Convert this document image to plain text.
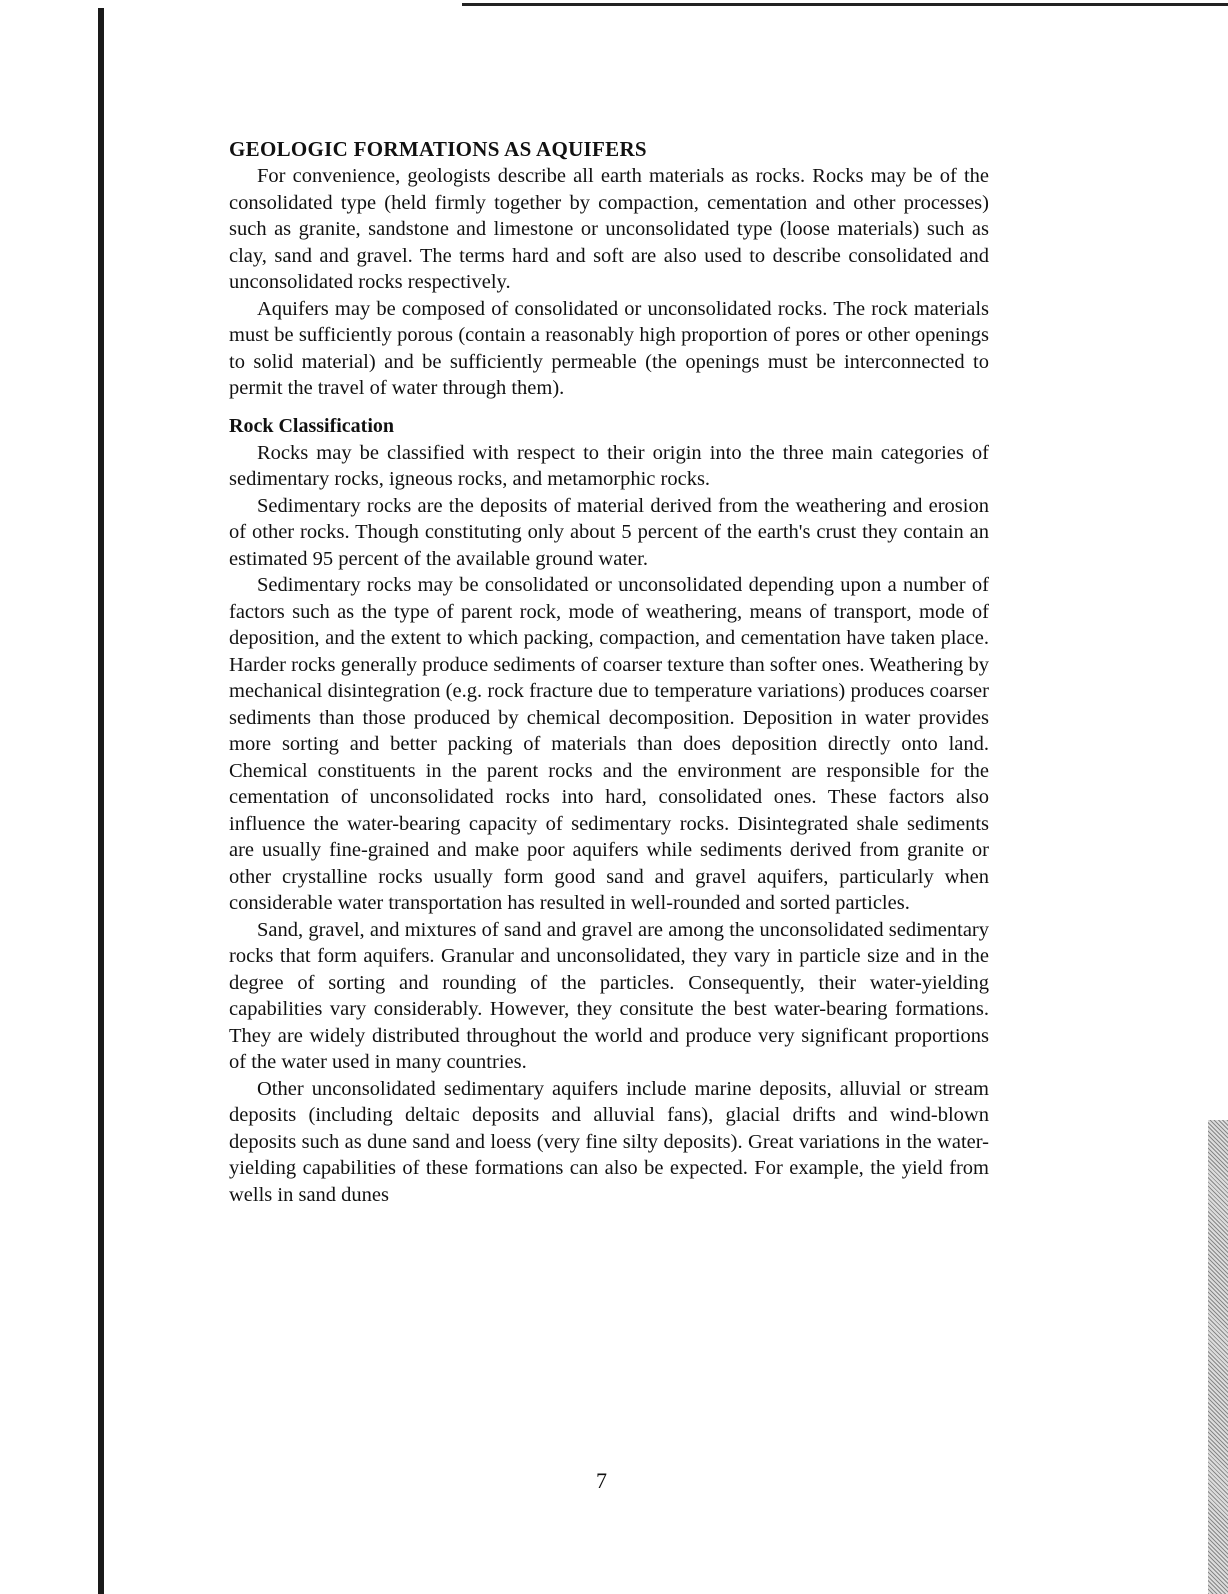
GEOLOGIC FORMATIONS AS AQUIFERS

For convenience, geologists describe all earth materials as rocks. Rocks may be of the consolidated type (held firmly together by compaction, cementation and other processes) such as granite, sandstone and limestone or unconsolidated type (loose materials) such as clay, sand and gravel. The terms hard and soft are also used to describe consolidated and unconsolidated rocks respectively.

Aquifers may be composed of consolidated or unconsolidated rocks. The rock materials must be sufficiently porous (contain a reasonably high proportion of pores or other openings to solid material) and be sufficiently permeable (the openings must be interconnected to permit the travel of water through them).

Rock Classification

Rocks may be classified with respect to their origin into the three main categories of sedimentary rocks, igneous rocks, and metamorphic rocks.

Sedimentary rocks are the deposits of material derived from the weathering and erosion of other rocks. Though constituting only about 5 percent of the earth's crust they contain an estimated 95 percent of the available ground water.

Sedimentary rocks may be consolidated or unconsolidated depending upon a number of factors such as the type of parent rock, mode of weathering, means of transport, mode of deposition, and the extent to which packing, compaction, and cementation have taken place. Harder rocks generally produce sediments of coarser texture than softer ones. Weathering by mechanical disintegration (e.g. rock fracture due to temperature variations) produces coarser sediments than those produced by chemical decomposition. Deposition in water provides more sorting and better packing of materials than does deposition directly onto land. Chemical constituents in the parent rocks and the environment are responsible for the cementation of unconsolidated rocks into hard, consolidated ones. These factors also influence the water-bearing capacity of sedimentary rocks. Disintegrated shale sediments are usually fine-grained and make poor aquifers while sediments derived from granite or other crystalline rocks usually form good sand and gravel aquifers, particularly when considerable water transportation has resulted in well-rounded and sorted particles.

Sand, gravel, and mixtures of sand and gravel are among the unconsolidated sedimentary rocks that form aquifers. Granular and unconsolidated, they vary in particle size and in the degree of sorting and rounding of the particles. Consequently, their water-yielding capabilities vary considerably. However, they consitute the best water-bearing formations. They are widely distributed throughout the world and produce very significant proportions of the water used in many countries.

Other unconsolidated sedimentary aquifers include marine deposits, alluvial or stream deposits (including deltaic deposits and alluvial fans), glacial drifts and wind-blown deposits such as dune sand and loess (very fine silty deposits). Great variations in the water-yielding capabilities of these formations can also be expected. For example, the yield from wells in sand dunes

7
